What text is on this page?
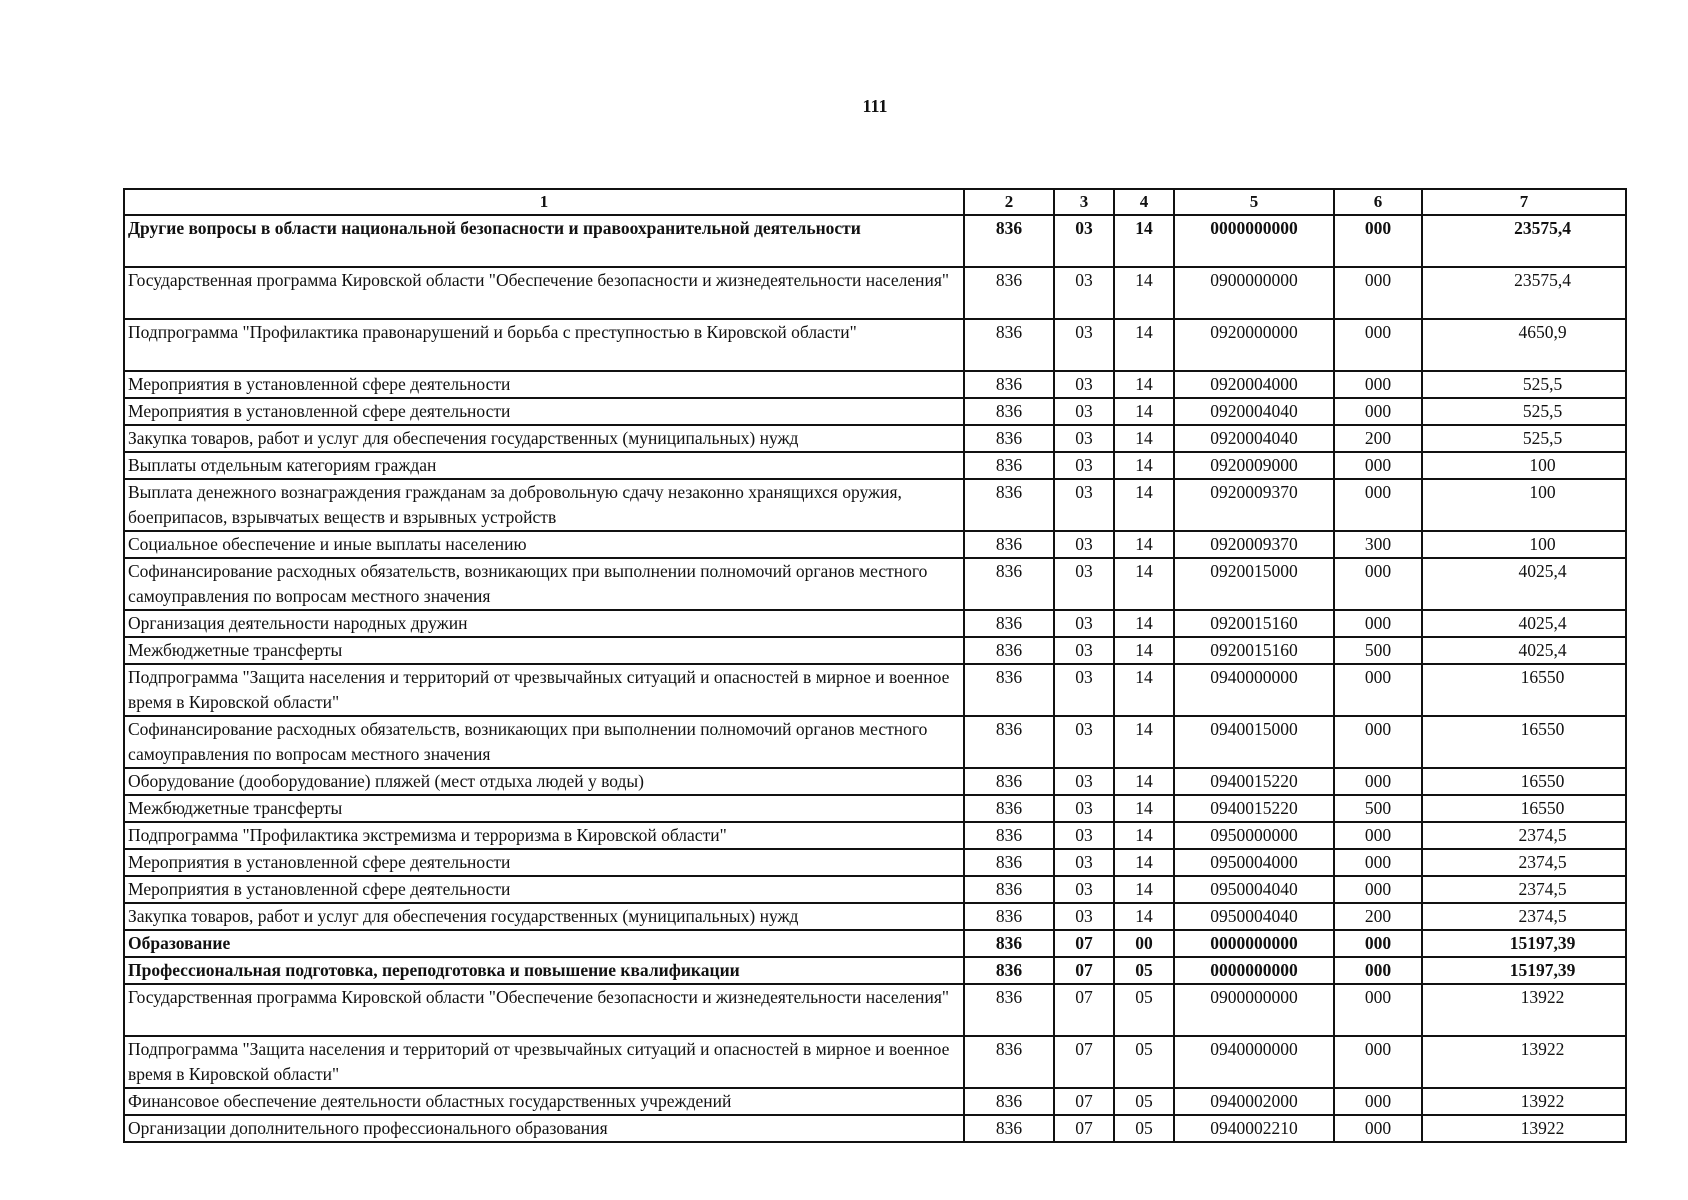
111
1	2	3	4	5	6	7
Другие вопросы в области национальной безопасности и правоохранительной деятельности	836	03	14	0000000000	000	23575,4
Государственная программа Кировской области "Обеспечение безопасности и жизнедеятельности населения"	836	03	14	0900000000	000	23575,4
Подпрограмма "Профилактика правонарушений и борьба с преступностью в Кировской области"	836	03	14	0920000000	000	4650,9
Мероприятия в установленной сфере деятельности	836	03	14	0920004000	000	525,5
Мероприятия в установленной сфере деятельности	836	03	14	0920004040	000	525,5
Закупка товаров, работ и услуг для обеспечения государственных (муниципальных) нужд	836	03	14	0920004040	200	525,5
Выплаты отдельным категориям граждан	836	03	14	0920009000	000	100
Выплата денежного вознаграждения гражданам за добровольную сдачу незаконно хранящихся оружия, боеприпасов, взрывчатых веществ и взрывных устройств	836	03	14	0920009370	000	100
Социальное обеспечение и иные выплаты населению	836	03	14	0920009370	300	100
Софинансирование расходных обязательств, возникающих при выполнении полномочий органов местного самоуправления по вопросам местного значения	836	03	14	0920015000	000	4025,4
Организация деятельности народных дружин	836	03	14	0920015160	000	4025,4
Межбюджетные трансферты	836	03	14	0920015160	500	4025,4
Подпрограмма "Защита населения и территорий от чрезвычайных ситуаций и опасностей в мирное и военное время в Кировской области"	836	03	14	0940000000	000	16550
Софинансирование расходных обязательств, возникающих при выполнении полномочий органов местного самоуправления по вопросам местного значения	836	03	14	0940015000	000	16550
Оборудование (дооборудование) пляжей (мест отдыха людей у воды)	836	03	14	0940015220	000	16550
Межбюджетные трансферты	836	03	14	0940015220	500	16550
Подпрограмма "Профилактика экстремизма и терроризма в Кировской области"	836	03	14	0950000000	000	2374,5
Мероприятия в установленной сфере деятельности	836	03	14	0950004000	000	2374,5
Мероприятия в установленной сфере деятельности	836	03	14	0950004040	000	2374,5
Закупка товаров, работ и услуг для обеспечения государственных (муниципальных) нужд	836	03	14	0950004040	200	2374,5
Образование	836	07	00	0000000000	000	15197,39
Профессиональная подготовка, переподготовка и повышение квалификации	836	07	05	0000000000	000	15197,39
Государственная программа Кировской области "Обеспечение безопасности и жизнедеятельности населения"	836	07	05	0900000000	000	13922
Подпрограмма "Защита населения и территорий от чрезвычайных ситуаций и опасностей в мирное и военное время в Кировской области"	836	07	05	0940000000	000	13922
Финансовое обеспечение деятельности областных государственных учреждений	836	07	05	0940002000	000	13922
Организации дополнительного профессионального образования	836	07	05	0940002210	000	13922
